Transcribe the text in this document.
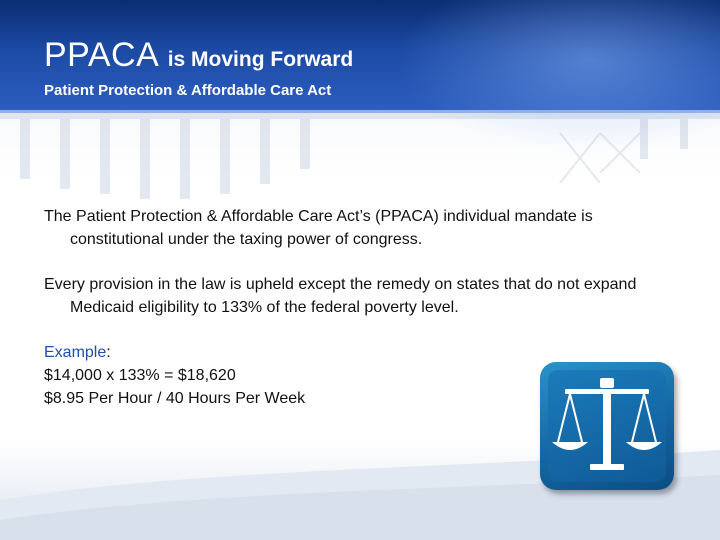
PPACA is Moving Forward
Patient Protection & Affordable Care Act

The Patient Protection & Affordable Care Act’s (PPACA) individual mandate is constitutional under the taxing power of congress.

Every provision in the law is upheld except the remedy on states that do not expand Medicaid eligibility to 133% of the federal poverty level.

Example:
$14,000 x 133% = $18,620
$8.95 Per Hour / 40 Hours Per Week
